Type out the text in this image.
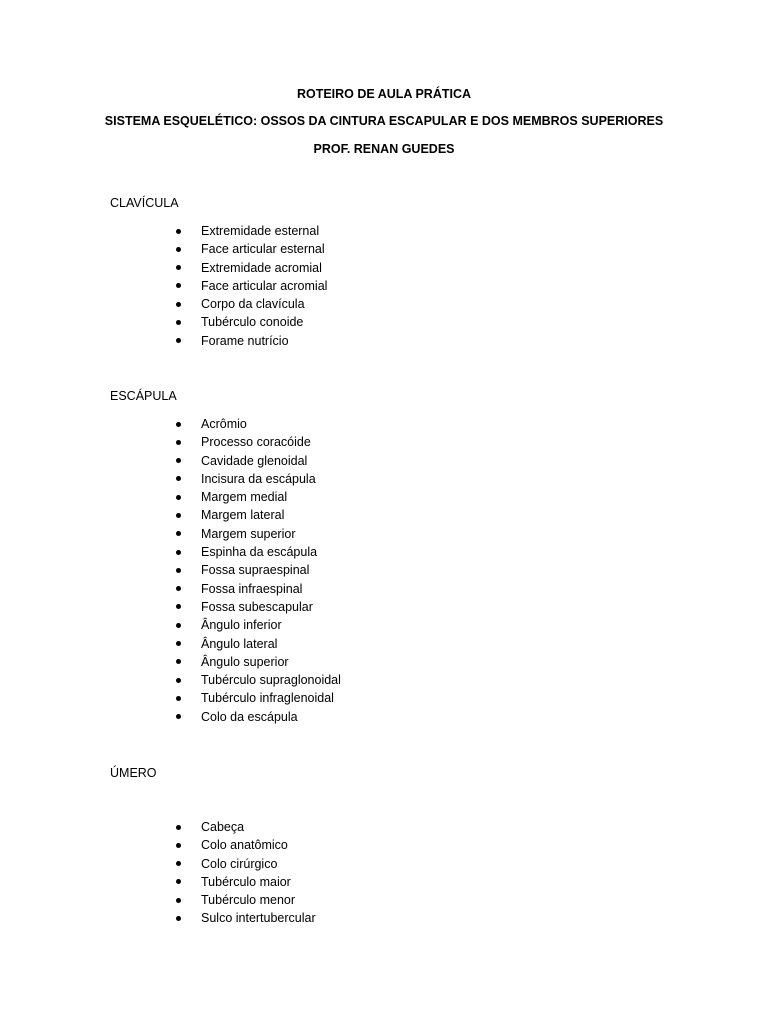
ROTEIRO DE AULA PRÁTICA
SISTEMA ESQUELÉTICO: OSSOS DA CINTURA ESCAPULAR E DOS MEMBROS SUPERIORES
PROF. RENAN GUEDES
CLAVÍCULA
Extremidade esternal
Face articular esternal
Extremidade acromial
Face articular acromial
Corpo da clavícula
Tubérculo conoide
Forame nutrício
ESCÁPULA
Acrômio
Processo coracóide
Cavidade glenoidal
Incisura da escápula
Margem medial
Margem lateral
Margem superior
Espinha da escápula
Fossa supraespinal
Fossa infraespinal
Fossa subescapular
Ângulo inferior
Ângulo lateral
Ângulo superior
Tubérculo supraglonoidal
Tubérculo infraglenoidal
Colo da escápula
ÚMERO
Cabeça
Colo anatômico
Colo cirúrgico
Tubérculo maior
Tubérculo menor
Sulco intertubercular
